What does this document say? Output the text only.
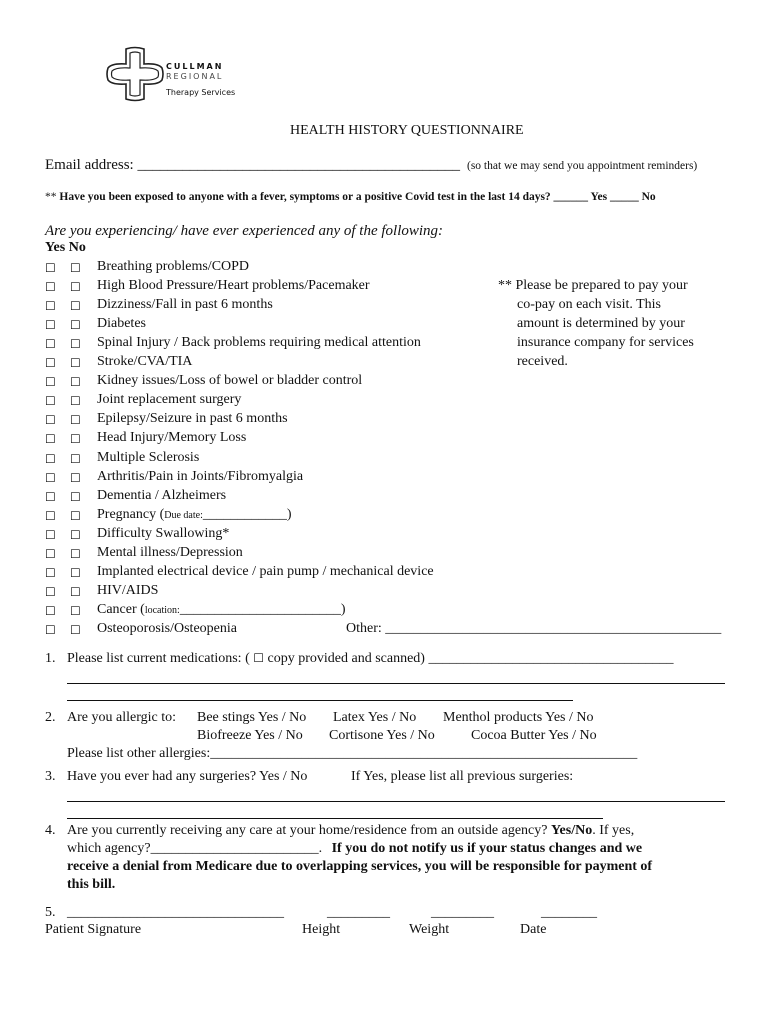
CULLMAN
REGIONAL
Therapy Services
HEALTH HISTORY QUESTIONNAIRE
Email address: ___________________________________________ (so that we may send you appointment reminders)
** Have you been exposed to anyone with a fever, symptoms or a positive Covid test in the last 14 days? ______ Yes _____ No
Are you experiencing/ have ever experienced any of the following:
Yes No
☐ ☐ Breathing problems/COPD
☐ ☐ High Blood Pressure/Heart problems/Pacemaker
☐ ☐ Dizziness/Fall in past 6 months
☐ ☐ Diabetes
☐ ☐ Spinal Injury / Back problems requiring medical attention
☐ ☐ Stroke/CVA/TIA
☐ ☐ Kidney issues/Loss of bowel or bladder control
☐ ☐ Joint replacement surgery
☐ ☐ Epilepsy/Seizure in past 6 months
☐ ☐ Head Injury/Memory Loss
☐ ☐ Multiple Sclerosis
☐ ☐ Arthritis/Pain in Joints/Fibromyalgia
☐ ☐ Dementia / Alzheimers
☐ ☐ Pregnancy (Due date:____________)
☐ ☐ Difficulty Swallowing*
☐ ☐ Mental illness/Depression
☐ ☐ Implanted electrical device / pain pump / mechanical device
☐ ☐ HIV/AIDS
☐ ☐ Cancer (location:_______________________)
☐ ☐ Osteoporosis/Osteopenia	Other: ________________________________________________
** Please be prepared to pay your
co-pay on each visit. This
amount is determined by your
insurance company for services
received.
1. Please list current medications: ( ☐ copy provided and scanned) ___________________________________
2. Are you allergic to: Bee stings Yes / No Latex Yes / No Menthol products Yes / No
Biofreeze Yes / No Cortisone Yes / No	Cocoa Butter Yes / No
Please list other allergies:_____________________________________________________________
3. Have you ever had any surgeries? Yes / No	If Yes, please list all previous surgeries:
4. Are you currently receiving any care at your home/residence from an outside agency? Yes/No. If yes,
which agency?________________________. If you do not notify us if your status changes and we
receive a denial from Medicare due to overlapping services, you will be responsible for payment of
this bill.
5. _______________________________	_________	_________	________
Patient Signature	Height	Weight	Date
